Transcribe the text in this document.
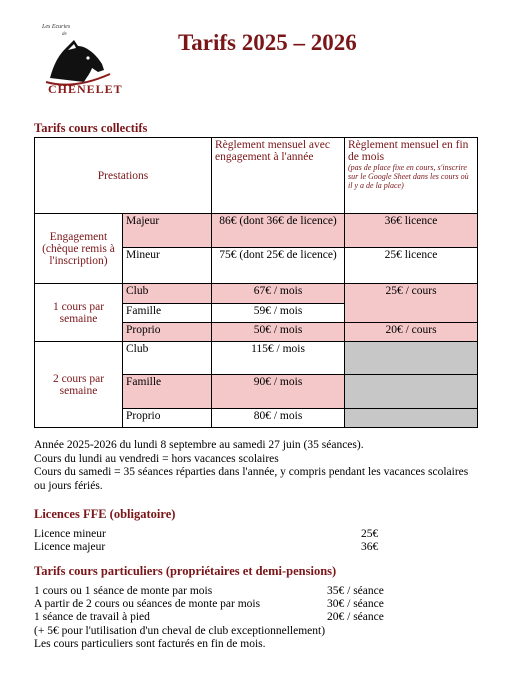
Les Ecuries
de
CHENELET
Tarifs 2025 – 2026
Tarifs cours collectifs
Prestations		Règlement mensuel avec engagement à l'année	Règlement mensuel en fin de mois
(pas de place fixe en cours, s'inscrire sur le Google Sheet dans les cours où il y a de la place)

Engagement (chèque remis à l'inscription)	Majeur	86€ (dont 36€ de licence)	36€ licence
	Mineur	75€ (dont 25€ de licence)	25€ licence
1 cours par semaine	Club	67€ / mois	25€ / cours
	Famille	59€ / mois	
	Proprio	50€ / mois	20€ / cours
2 cours par semaine	Club	115€ / mois	
	Famille	90€ / mois	
	Proprio	80€ / mois	
Année 2025-2026 du lundi 8 septembre au samedi 27 juin (35 séances).
Cours du lundi au vendredi = hors vacances scolaires
Cours du samedi = 35 séances réparties dans l'année, y compris pendant les vacances scolaires ou jours fériés.
Licences FFE (obligatoire)
Licence mineur	25€
Licence majeur	36€
Tarifs cours particuliers (propriétaires et demi-pensions)
1 cours ou 1 séance de monte par mois	35€ / séance
A partir de 2 cours ou séances de monte par mois	30€ / séance
1 séance de travail à pied	20€ / séance
(+ 5€ pour l'utilisation d'un cheval de club exceptionnellement)
Les cours particuliers sont facturés en fin de mois.
